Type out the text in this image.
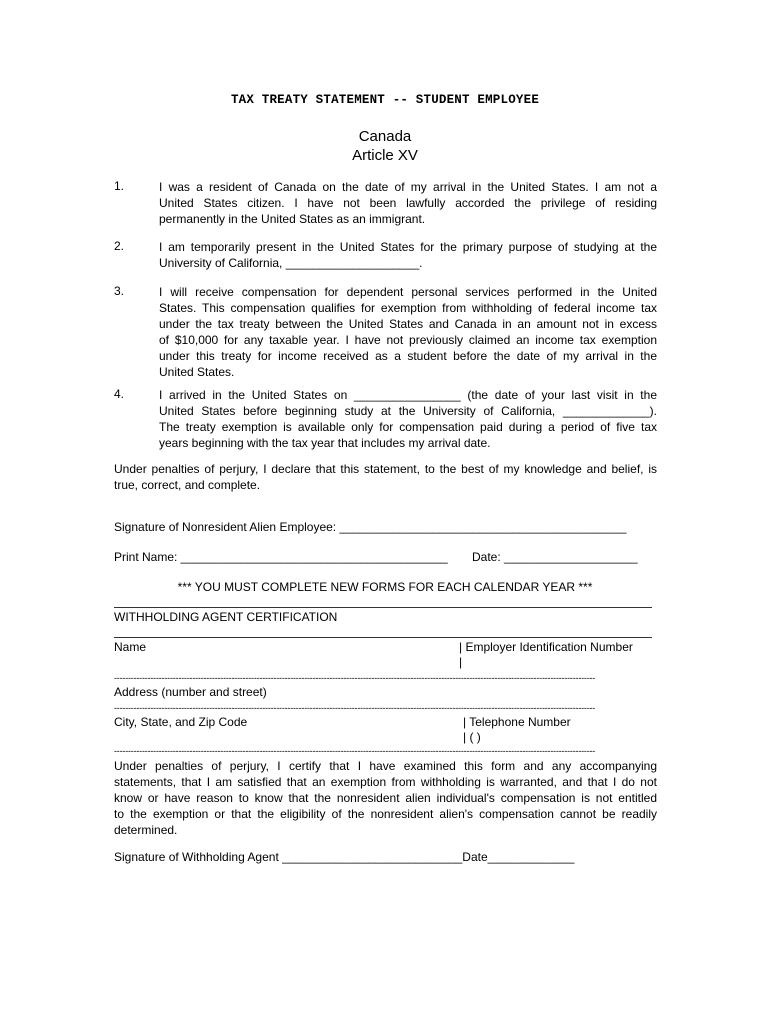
TAX TREATY STATEMENT -- STUDENT EMPLOYEE
Canada
Article XV
1.	I was a resident of Canada on the date of my arrival in the United States. I am not a
United States citizen. I have not been lawfully accorded the privilege of residing
permanently in the United States as an immigrant.
2.	I am temporarily present in the United States for the primary purpose of studying at the
University of California, ____________________.
3.	I will receive compensation for dependent personal services performed in the United
States. This compensation qualifies for exemption from withholding of federal income tax
under the tax treaty between the United States and Canada in an amount not in excess
of $10,000 for any taxable year. I have not previously claimed an income tax exemption
under this treaty for income received as a student before the date of my arrival in the
United States.
4.	I arrived in the United States on ________________ (the date of your last visit in the
United States before beginning study at the University of California, _____________).
The treaty exemption is available only for compensation paid during a period of five tax
years beginning with the tax year that includes my arrival date.
Under penalties of perjury, I declare that this statement, to the best of my knowledge and belief, is
true, correct, and complete.
Signature of Nonresident Alien Employee: ___________________________________________
Print Name: ________________________________________ Date: ____________________
*** YOU MUST COMPLETE NEW FORMS FOR EACH CALENDAR YEAR ***
WITHHOLDING AGENT CERTIFICATION
Name	| Employer Identification Number
|
----------------------------------------------------------------------------------------------------------------------------------------------------------------------------
Address (number and street)
----------------------------------------------------------------------------------------------------------------------------------------------------------------------------
City, State, and Zip Code	| Telephone Number
| ( )
----------------------------------------------------------------------------------------------------------------------------------------------------------------------------
Under penalties of perjury, I certify that I have examined this form and any accompanying
statements, that I am satisfied that an exemption from withholding is warranted, and that I do not
know or have reason to know that the nonresident alien individual's compensation is not entitled
to the exemption or that the eligibility of the nonresident alien's compensation cannot be readily
determined.
Signature of Withholding Agent ___________________________Date_____________
